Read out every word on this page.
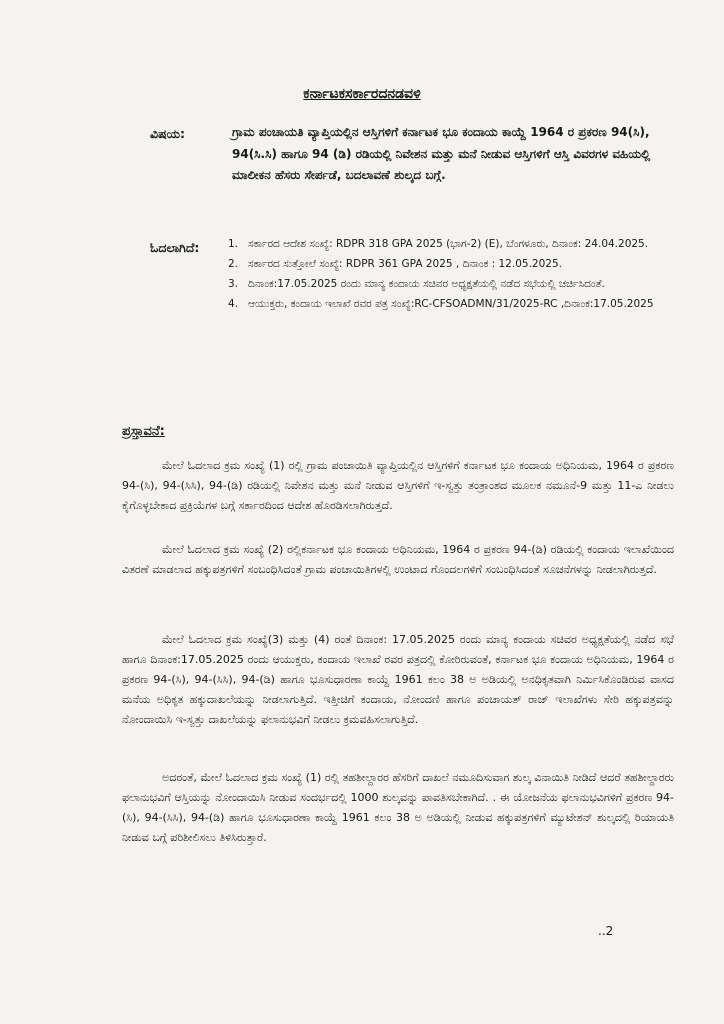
ಕರ್ನಾಟಕಸರ್ಕಾರದನಡವಳಿ
ವಿಷಯ:	ಗ್ರಾಮ ಪಂಚಾಯತಿ ವ್ಯಾಪ್ತಿಯಲ್ಲಿನ ಆಸ್ತಿಗಳಿಗೆ ಕರ್ನಾಟಕ ಭೂ ಕಂದಾಯ ಕಾಯ್ದೆ 1964 ರ ಪ್ರಕರಣ 94(ಸಿ), 94(ಸಿ.ಸಿ) ಹಾಗೂ 94 (ಡಿ) ರಡಿಯಲ್ಲಿ ನಿವೇಶನ ಮತ್ತು ಮನೆ ನೀಡುವ ಆಸ್ತಿಗಳಿಗೆ ಆಸ್ತಿ ವಿವರಗಳ ವಹಿಯಲ್ಲಿ ಮಾಲೀಕನ ಹೆಸರು ಸೇರ್ಪಡೆ, ಬದಲಾವಣೆ ಶುಲ್ಕದ ಬಗ್ಗೆ.
ಓದಲಾಗಿದೆ:	1. ಸರ್ಕಾರದ ಆದೇಶ ಸಂಖ್ಯೆ: RDPR 318 GPA 2025 (ಭಾಗ-2) (E), ಬೆಂಗಳೂರು, ದಿನಾಂಕ: 24.04.2025.
2. ಸರ್ಕಾರದ ಸುತ್ತೋಲೆ ಸಂಖ್ಯೆ: RDPR 361 GPA 2025 , ದಿನಾಂಕ : 12.05.2025.
3. ದಿನಾಂಕ:17.05.2025 ರಂದು ಮಾನ್ಯ ಕಂದಾಯ ಸಚಿವರ ಅಧ್ಯಕ್ಷತೆಯಲ್ಲಿ ನಡೆದ ಸಭೆಯಲ್ಲಿ ಚರ್ಚಿಸಿದಂತೆ.
4. ಆಯುಕ್ತರು, ಕಂದಾಯ ಇಲಾಖೆ ರವರ ಪತ್ರ ಸಂಖ್ಯೆ:RC-CFSOADMN/31/2025-RC ,ದಿನಾಂಕ:17.05.2025
ಪ್ರಸ್ತಾವನೆ:
ಮೇಲೆ ಓದಲಾದ ಕ್ರಮ ಸಂಖ್ಯೆ (1) ರಲ್ಲಿ ಗ್ರಾಮ ಪಂಚಾಯಿತಿ ವ್ಯಾಪ್ತಿಯಲ್ಲಿನ ಆಸ್ತಿಗಳಿಗೆ ಕರ್ನಾಟಕ ಭೂ ಕಂದಾಯ ಅಧಿನಿಯಮ, 1964 ರ ಪ್ರಕರಣ 94-(ಸಿ), 94-(ಸಿಸಿ), 94-(ಡಿ) ರಡಿಯಲ್ಲಿ ನಿವೇಶನ ಮತ್ತು ಮನೆ ನೀಡುವ ಆಸ್ತಿಗಳಿಗೆ ಇ-ಸ್ವತ್ತು ತಂತ್ರಾಂಶದ ಮೂಲಕ ನಮೂನೆ-9 ಮತ್ತು 11-ಎ ನೀಡಲು ಕೈಗೊಳ್ಳಬೇಕಾದ ಪ್ರಕ್ರಿಯೆಗಳ ಬಗ್ಗೆ ಸರ್ಕಾರದಿಂದ ಆದೇಶ ಹೊರಡಿಸಲಾಗಿರುತ್ತದೆ.
ಮೇಲೆ ಓದಲಾದ ಕ್ರಮ ಸಂಖ್ಯೆ (2) ರಲ್ಲಿಕರ್ನಾಟಕ ಭೂ ಕಂದಾಯ ಅಧಿನಿಯಮ, 1964 ರ ಪ್ರಕರಣ 94-(ಡಿ) ರಡಿಯಲ್ಲಿ ಕಂದಾಯ ಇಲಾಖೆಯಿಂದ ವಿತರಣೆ ಮಾಡಲಾದ ಹಕ್ಕುಪತ್ರಗಳಿಗೆ ಸಂಬಂಧಿಸಿದಂತೆ ಗ್ರಾಮ ಪಂಚಾಯಿತಿಗಳಲ್ಲಿ ಉಂಟಾದ ಗೊಂದಲಗಳಿಗೆ ಸಂಬಂಧಿಸಿದಂತೆ ಸೂಚನೆಗಳನ್ನು ನೀಡಲಾಗಿರುತ್ತದೆ.
ಮೇಲೆ ಓದಲಾದ ಕ್ರಮ ಸಂಖ್ಯೆ(3) ಮತ್ತು (4) ರಂತೆ ದಿನಾಂಕ: 17.05.2025 ರಂದು ಮಾನ್ಯ ಕಂದಾಯ ಸಚಿವರ ಅಧ್ಯಕ್ಷತೆಯಲ್ಲಿ ನಡೆದ ಸಭೆ ಹಾಗೂ ದಿನಾಂಕ:17.05.2025 ರಂದು ಆಯುಕ್ತರು, ಕಂದಾಯ ಇಲಾಖೆ ರವರ ಪತ್ರದಲ್ಲಿ ಕೋರಿರುವಂತೆ, ಕರ್ನಾಟಕ ಭೂ ಕಂದಾಯ ಅಧಿನಿಯಮ, 1964 ರ ಪ್ರಕರಣ 94-(ಸಿ), 94-(ಸಿಸಿ), 94-(ಡಿ) ಹಾಗೂ ಭೂಸುಧಾರಣಾ ಕಾಯ್ದೆ 1961 ಕಲಂ 38 ಅ ಅಡಿಯಲ್ಲಿ ಅನಧಿಕೃತವಾಗಿ ನಿರ್ಮಿಸಿಕೊಂಡಿರುವ ವಾಸದ ಮನೆಯ ಅಧಿಕೃತ ಹಕ್ಕುದಾಖಲೆಯನ್ನು ನೀಡಲಾಗುತ್ತಿದೆ. ಇತ್ತೀಚಿಗೆ ಕಂದಾಯ, ನೋಂದಣಿ ಹಾಗೂ ಪಂಚಾಯತ್ ರಾಜ್ ಇಲಾಖೆಗಳು ಸೇರಿ ಹಕ್ಕುಪತ್ರವನ್ನು ನೋಂದಾಯಿಸಿ ಇ-ಸ್ವತ್ತು ದಾಖಲೆಯನ್ನು ಫಲಾನುಭವಿಗೆ ನೀಡಲು ಕ್ರಮವಹಿಸಲಾಗುತ್ತಿದೆ.
ಅದರಂತೆ, ಮೇಲೆ ಓದಲಾದ ಕ್ರಮ ಸಂಖ್ಯೆ (1) ರಲ್ಲಿ ತಹಶೀಲ್ದಾರರ ಹೆಸರಿಗೆ ದಾಖಲೆ ನಮೂದಿಸುವಾಗ ಶುಲ್ಕ ವಿನಾಯಿತಿ ನೀಡಿದೆ ಆದರೆ ತಹಶೀಲ್ದಾರರು ಫಲಾನುಭವಿಗೆ ಆಸ್ತಿಯನ್ನು ನೋಂದಾಯಿಸಿ ನೀಡುವ ಸಂದರ್ಭದಲ್ಲಿ 1000 ಶುಲ್ಕವನ್ನು ಪಾವತಿಸಬೇಕಾಗಿದೆ. . ಈ ಯೋಜನೆಯ ಫಲಾನುಭವಿಗಳಿಗೆ ಪ್ರಕರಣ 94-(ಸಿ), 94-(ಸಿಸಿ), 94-(ಡಿ) ಹಾಗೂ ಭೂಸುಧಾರಣಾ ಕಾಯ್ದೆ 1961 ಕಲಂ 38 ಅ ಅಡಿಯಲ್ಲಿ ನೀಡುವ ಹಕ್ಕುಪತ್ರಗಳಿಗೆ ಮ್ಯುಟೇಶನ್ ಶುಲ್ಕದಲ್ಲಿ ರಿಯಾಯತಿ ನೀಡುವ ಬಗ್ಗೆ ಪರಿಶೀಲಿಸಲು ತಿಳಿಸಿರುತ್ತಾರೆ.
..2
